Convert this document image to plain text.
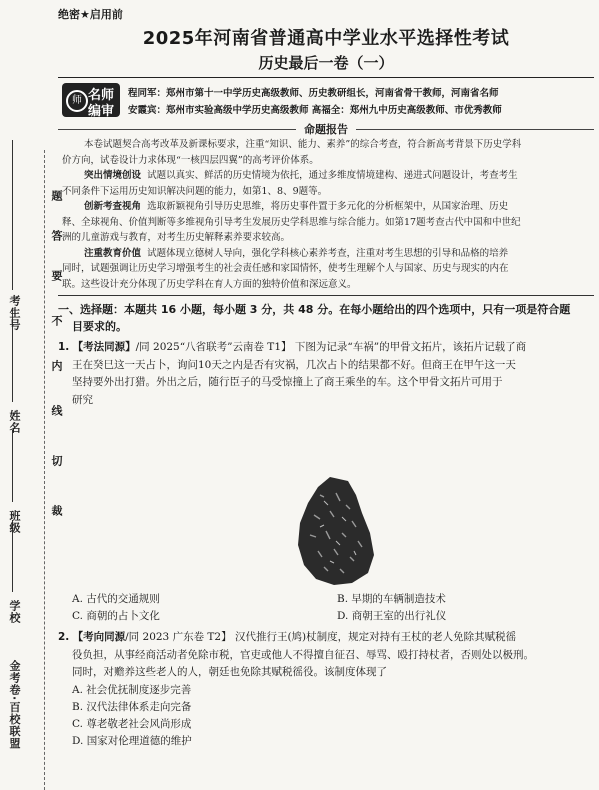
金考卷·百校联盟
学校
班级
姓名
考生号
裁
切
线
内
不
要
答
题
绝密★启用前
2025年河南省普通高中学业水平选择性考试
历史最后一卷（一）
师 名师
编审
程同军：郑州市第十一中学历史高级教师、历史教研组长，河南省骨干教师，河南省名师
安霞宾：郑州市实验高级中学历史高级教师 高福全：郑州九中历史高级教师、市优秀教师
命题报告

本卷试题契合高考改革及新课标要求，注重“知识、能力、素养”的综合考查，符合新高考背景下历史学科

价方向，试卷设计力求体现“一核四层四翼”的高考评价体系。

突出情境创设 试题以真实、鲜活的历史情境为依托，通过多维度情境建构、递进式问题设计，考查考生

不同条件下运用历史知识解决问题的能力，如第1、8、9题等。

创新考查视角 选取新颖视角引导历史思维，将历史事件置于多元化的分析框架中，从国家治理、历史

释、全球视角、价值判断等多维视角引导考生发展历史学科思维与综合能力。如第17题考查古代中国和中世纪

洲的儿童游戏与教育，对考生历史解释素养要求较高。

注重教育价值 试题体现立德树人导向，强化学科核心素养考查，注重对考生思想的引导和品格的培养

同时，试题强调让历史学习增强考生的社会责任感和家国情怀，使考生理解个人与国家、历史与现实的内在

联。这些设计充分体现了历史学科在育人方面的独特价值和深远意义。

一、选择题：本题共 16 小题，每小题 3 分，共 48 分。在每小题给出的四个选项中，只有一项是符合题
目要求的。
1. 【考法同源】/同 2025“八省联考”云南卷 T1】 下图为记录“车祸”的甲骨文拓片，该拓片记载了商
王在癸巳这一天占卜，询问10天之内是否有灾祸，几次占卜的结果都不好。但商王在甲午这一天
坚持要外出打猎。外出之后，随行臣子的马受惊撞上了商王乘坐的车。这个甲骨文拓片可用于
研究
A. 古代的交通规则	B. 早期的车辆制造技术
C. 商朝的占卜文化	D. 商朝王室的出行礼仪
2. 【考向同源/同 2023 广东卷 T2】 汉代推行王(鸠)杖制度，规定对持有王杖的老人免除其赋税徭
役负担，从事经商活动者免除市税，官吏或他人不得擅自征召、辱骂、殴打持杖者，否则处以极刑。
同时，对赡养这些老人的人，朝廷也免除其赋税徭役。该制度体现了
A. 社会优抚制度逐步完善
B. 汉代法律体系走向完备
C. 尊老敬老社会风尚形成
D. 国家对伦理道德的维护
